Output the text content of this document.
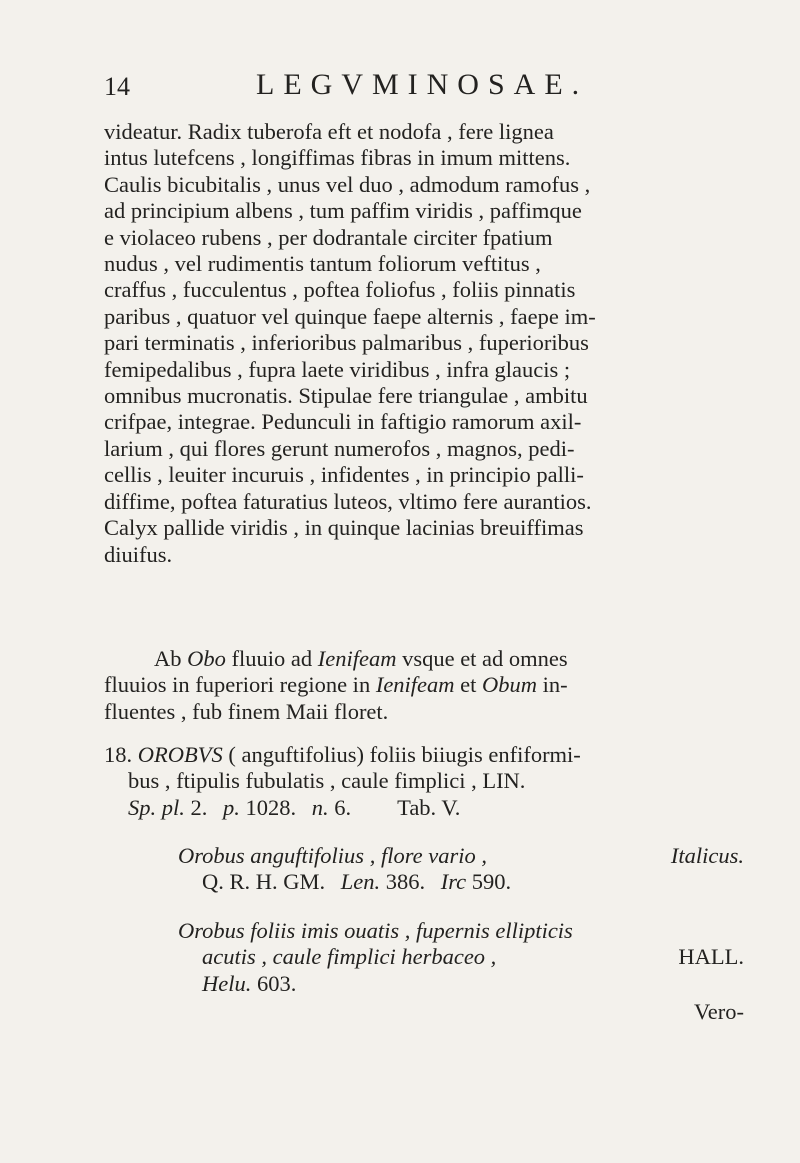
14	LEGVMINOSAE.
videatur. Radix tuberofa eft et nodofa , fere lignea
intus lutefcens , longiffimas fibras in imum mittens.
Caulis bicubitalis , unus vel duo , admodum ramofus ,
ad principium albens , tum paffim viridis , paffimque
e violaceo rubens , per dodrantale circiter fpatium
nudus , vel rudimentis tantum foliorum veftitus ,
craffus , fucculentus , poftea foliofus , foliis pinnatis
paribus , quatuor vel quinque faepe alternis , faepe im-
pari terminatis , inferioribus palmaribus , fuperioribus
femipedalibus , fupra laete viridibus , infra glaucis ;
omnibus mucronatis. Stipulae fere triangulae , ambitu
crifpae, integrae. Pedunculi in faftigio ramorum axil-
larium , qui flores gerunt numerofos , magnos, pedi-
cellis , leuiter incuruis , infidentes , in principio palli-
diffime, poftea faturatius luteos, vltimo fere aurantios.
Calyx pallide viridis , in quinque lacinias breuiffimas
diuifus.
Ab Obo fluuio ad Ienifeam vsque et ad omnes
fluuios in fuperiori regione in Ienifeam et Obum in-
fluentes , fub finem Maii floret.
18. OROBVS ( anguftifolius) foliis biiugis enfiformi-
bus , ftipulis fubulatis , caule fimplici , LIN.
Sp. pl. 2. p. 1028. n. 6.	Tab. V.
Orobus anguftifolius , flore vario ,	Italicus.
Q. R. H. GM. Len. 386. Irc 590.
Orobus foliis imis ouatis , fupernis ellipticis
acutis , caule fimplici herbaceo ,	HALL.
Helu. 603.
Vero-
